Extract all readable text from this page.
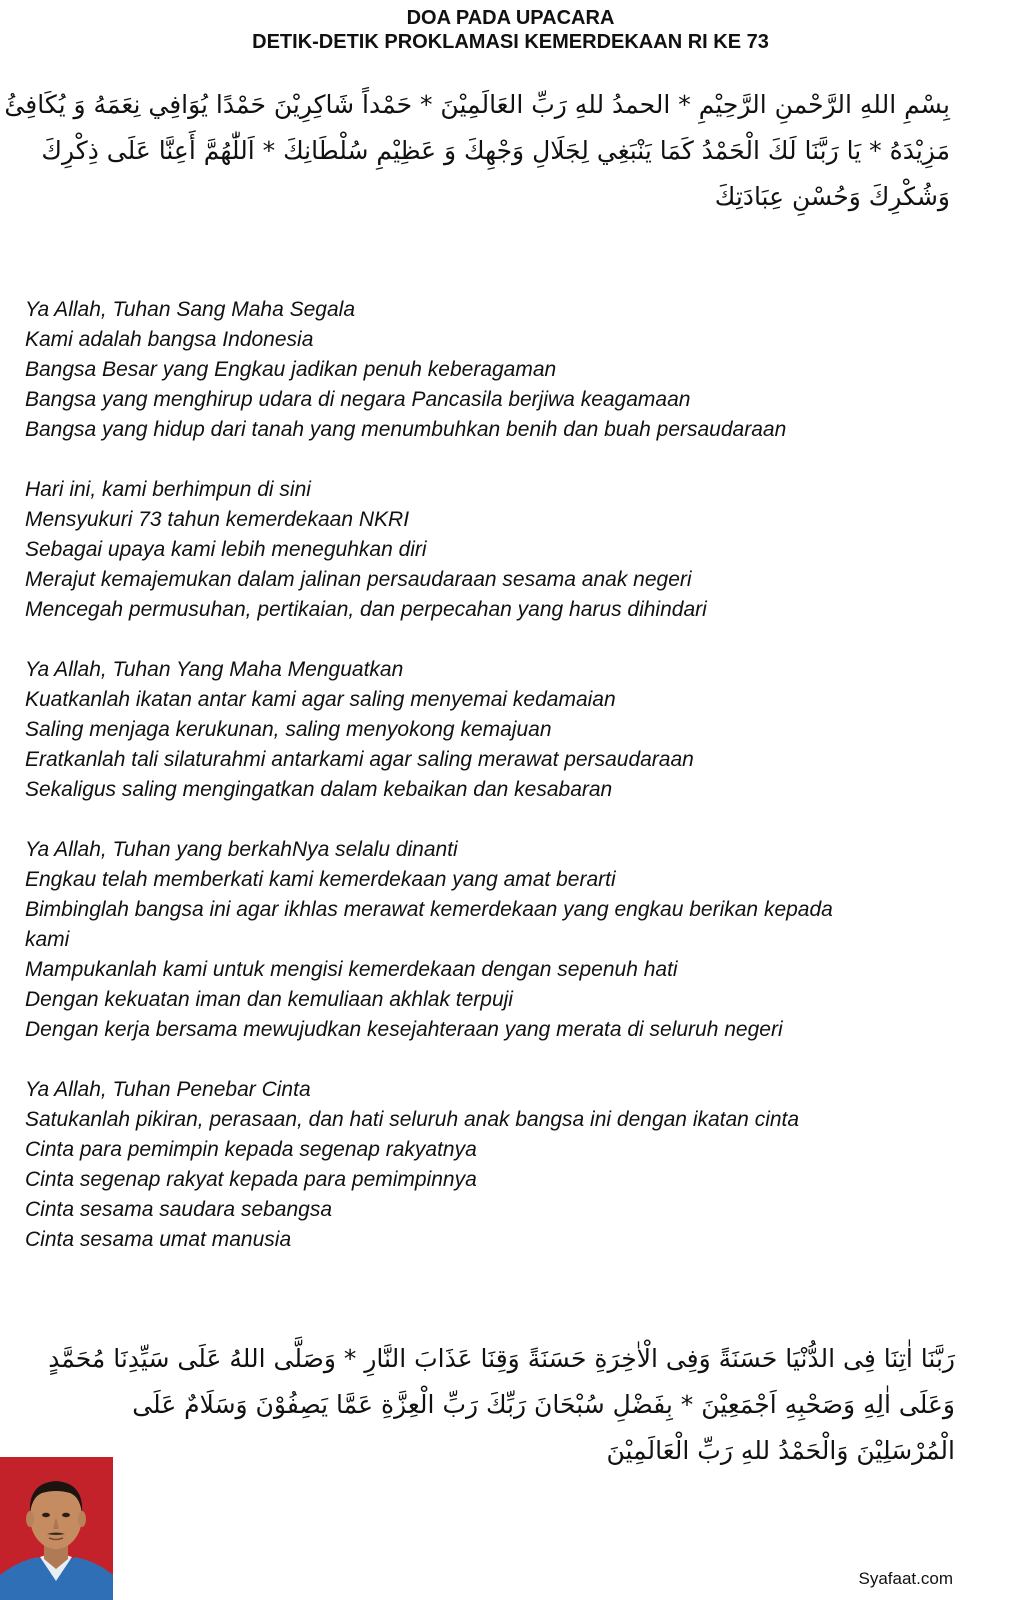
DOA PADA UPACARA
DETIK-DETIK PROKLAMASI KEMERDEKAAN RI KE 73
بِسْمِ اللهِ الرَّحْمنِ الرَّحِيْمِ * الحمدُ للهِ رَبِّ العَالَمِيْنَ * حَمْداً شَاكِرِيْنَ حَمْدًا يُوَافِي نِعَمَهُ وَ يُكَافِئُ
مَزِيْدَهُ * يَا رَبَّنَا لَكَ الْحَمْدُ كَمَا يَنْبَغِي لِجَلَالِ وَجْهِكَ وَ عَظِيْمِ سُلْطَانِكَ * اَللّٰهُمَّ أَعِنَّا عَلَى ذِكْرِكَ
وَشُكْرِكَ وَحُسْنِ عِبَادَتِكَ
Ya Allah, Tuhan Sang Maha Segala
Kami adalah bangsa Indonesia
Bangsa Besar yang Engkau jadikan penuh keberagaman
Bangsa yang menghirup udara di negara Pancasila berjiwa keagamaan
Bangsa yang hidup dari tanah yang menumbuhkan benih dan buah persaudaraan
Hari ini, kami berhimpun di sini
Mensyukuri 73 tahun kemerdekaan NKRI
Sebagai upaya kami lebih meneguhkan diri
Merajut kemajemukan dalam jalinan persaudaraan sesama anak negeri
Mencegah permusuhan, pertikaian, dan perpecahan yang harus dihindari
Ya Allah, Tuhan Yang Maha Menguatkan
Kuatkanlah ikatan antar kami agar saling menyemai kedamaian
Saling menjaga kerukunan, saling menyokong kemajuan
Eratkanlah tali silaturahmi antarkami agar saling merawat persaudaraan
Sekaligus saling mengingatkan dalam kebaikan dan kesabaran
Ya Allah, Tuhan yang berkahNya selalu dinanti
Engkau telah memberkati kami kemerdekaan yang amat berarti
Bimbinglah bangsa ini agar ikhlas merawat kemerdekaan yang engkau berikan kepada
kami
Mampukanlah kami untuk mengisi kemerdekaan dengan sepenuh hati
Dengan kekuatan iman dan kemuliaan akhlak terpuji
Dengan kerja bersama mewujudkan kesejahteraan yang merata di seluruh negeri
Ya Allah, Tuhan Penebar Cinta
Satukanlah pikiran, perasaan, dan hati seluruh anak bangsa ini dengan ikatan cinta
Cinta para pemimpin kepada segenap rakyatnya
Cinta segenap rakyat kepada para pemimpinnya
Cinta sesama saudara sebangsa
Cinta sesama umat manusia
رَبَّنَا اٰتِنَا فِى الدُّنْيَا حَسَنَةً وَفِى الْاٰخِرَةِ حَسَنَةً وَقِنَا عَذَابَ النَّارِ * وَصَلَّى اللهُ عَلَى سَيِّدِنَا مُحَمَّدٍ
وَعَلَى اٰلِهِ وَصَحْبِهِ اَجْمَعِيْنَ * بِفَضْلِ سُبْحَانَ رَبِّكَ رَبِّ الْعِزَّةِ عَمَّا يَصِفُوْنَ وَسَلَامٌ عَلَى
الْمُرْسَلِيْنَ وَالْحَمْدُ للهِ رَبِّ الْعَالَمِيْنَ
Syafaat.com
